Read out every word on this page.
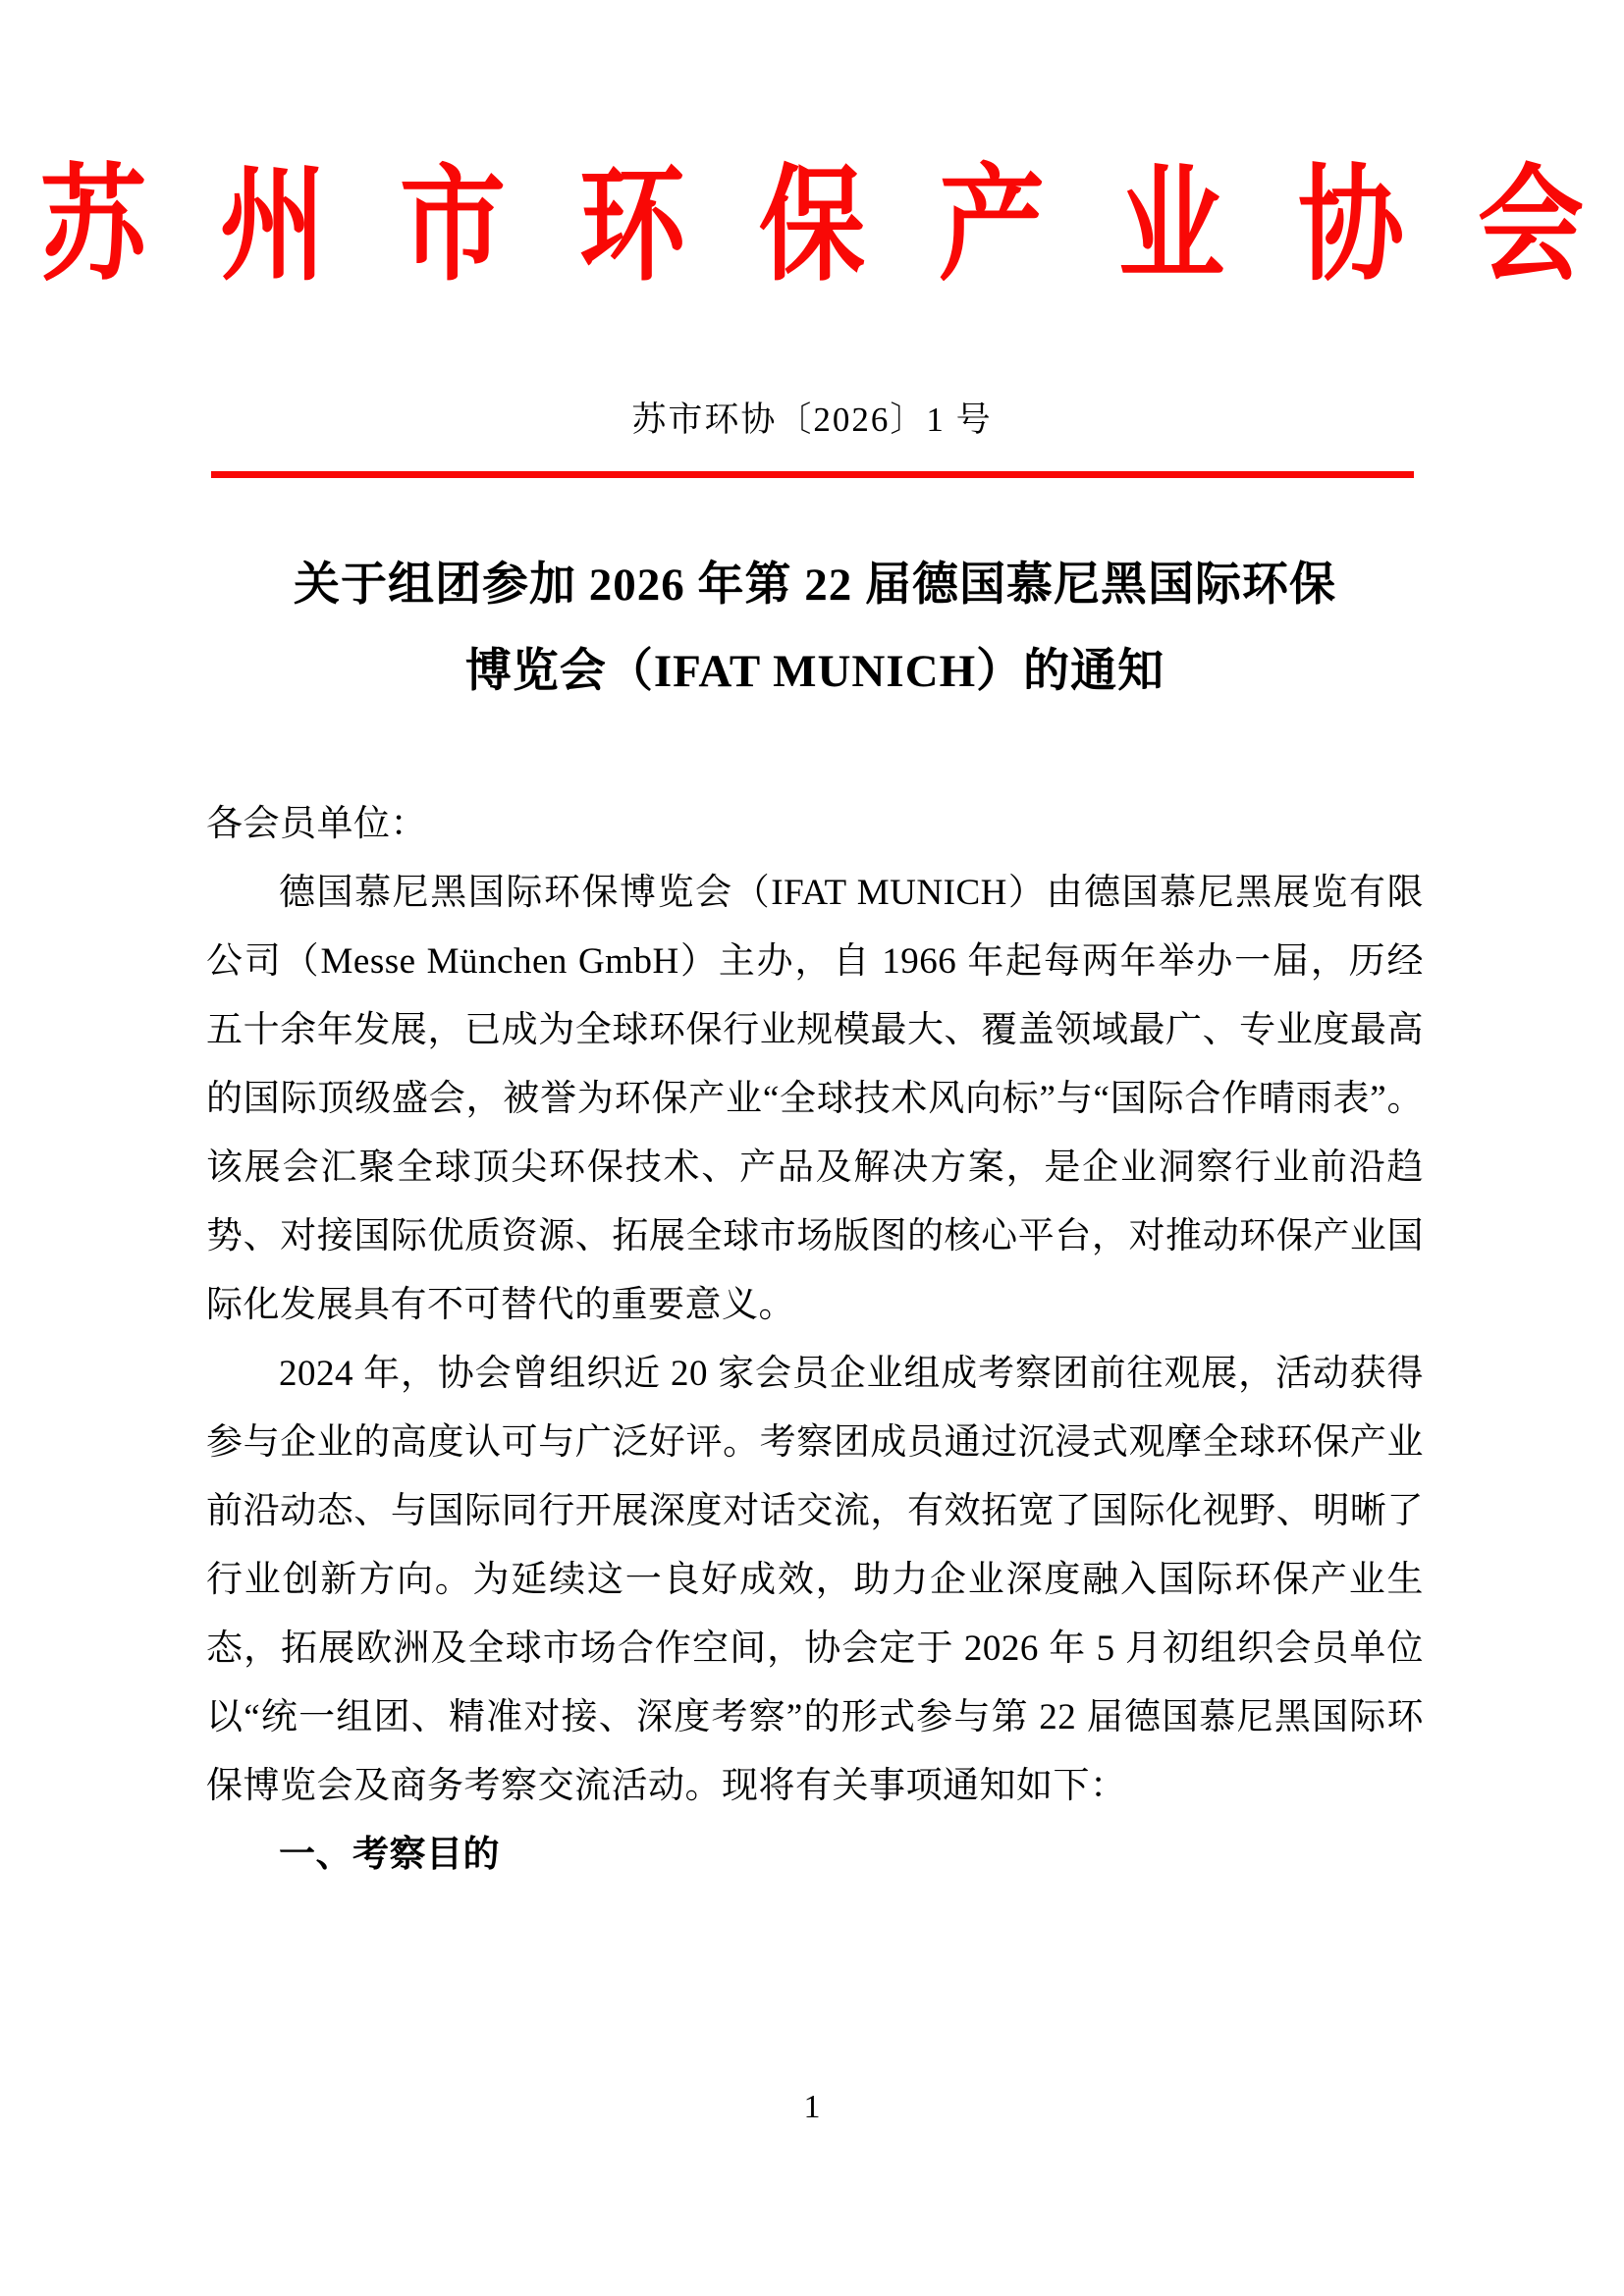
苏 州 市 环 保 产 业 协 会
苏市环协〔2026〕1 号
关于组团参加 2026 年第 22 届德国慕尼黑国际环保
博览会（IFAT MUNICH）的通知

各会员单位：

德国慕尼黑国际环保博览会（IFAT MUNICH）由德国慕尼黑展览有限公司（Messe München GmbH）主办，自 1966 年起每两年举办一届，历经五十余年发展，已成为全球环保行业规模最大、覆盖领域最广、专业度最高的国际顶级盛会，被誉为环保产业“全球技术风向标”与“国际合作晴雨表”。该展会汇聚全球顶尖环保技术、产品及解决方案，是企业洞察行业前沿趋势、对接国际优质资源、拓展全球市场版图的核心平台，对推动环保产业国际化发展具有不可替代的重要意义。

2024 年，协会曾组织近 20 家会员企业组成考察团前往观展，活动获得参与企业的高度认可与广泛好评。考察团成员通过沉浸式观摩全球环保产业前沿动态、与国际同行开展深度对话交流，有效拓宽了国际化视野、明晰了行业创新方向。为延续这一良好成效，助力企业深度融入国际环保产业生态，拓展欧洲及全球市场合作空间，协会定于 2026 年 5 月初组织会员单位以“统一组团、精准对接、深度考察”的形式参与第 22 届德国慕尼黑国际环保博览会及商务考察交流活动。现将有关事项通知如下：

一、考察目的

1
